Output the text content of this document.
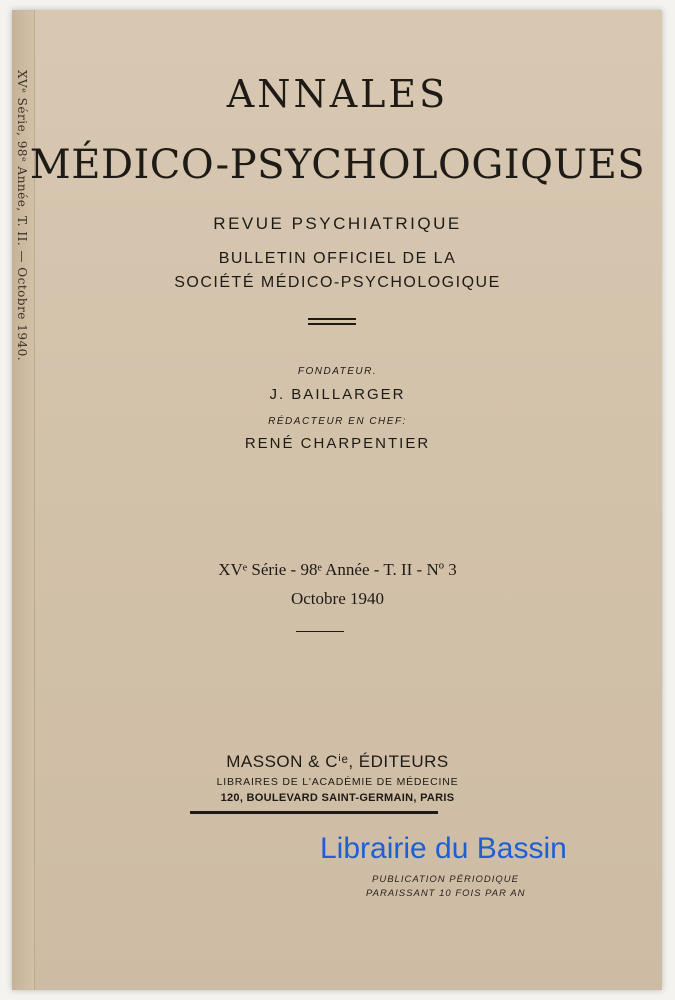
XVᵉ Série, 98ᵉ Année, T. II. — Octobre 1940.	ANNALES
MÉDICO-PSYCHOLOGIQUES
REVUE PSYCHIATRIQUE
BULLETIN OFFICIEL DE LA
SOCIÉTÉ MÉDICO-PSYCHOLOGIQUE
FONDATEUR.
J. BAILLARGER
RÉDACTEUR EN CHEF:
RENÉ CHARPENTIER
XVᵉ Série - 98ᵉ Année - T. II - Nº 3
Octobre 1940
MASSON & Cⁱᵉ, ÉDITEURS
LIBRAIRES DE L'ACADÉMIE DE MÉDECINE
120, BOULEVARD SAINT-GERMAIN, PARIS
Librairie du Bassin
PUBLICATION PÉRIODIQUE
PARAISSANT 10 FOIS PAR AN
